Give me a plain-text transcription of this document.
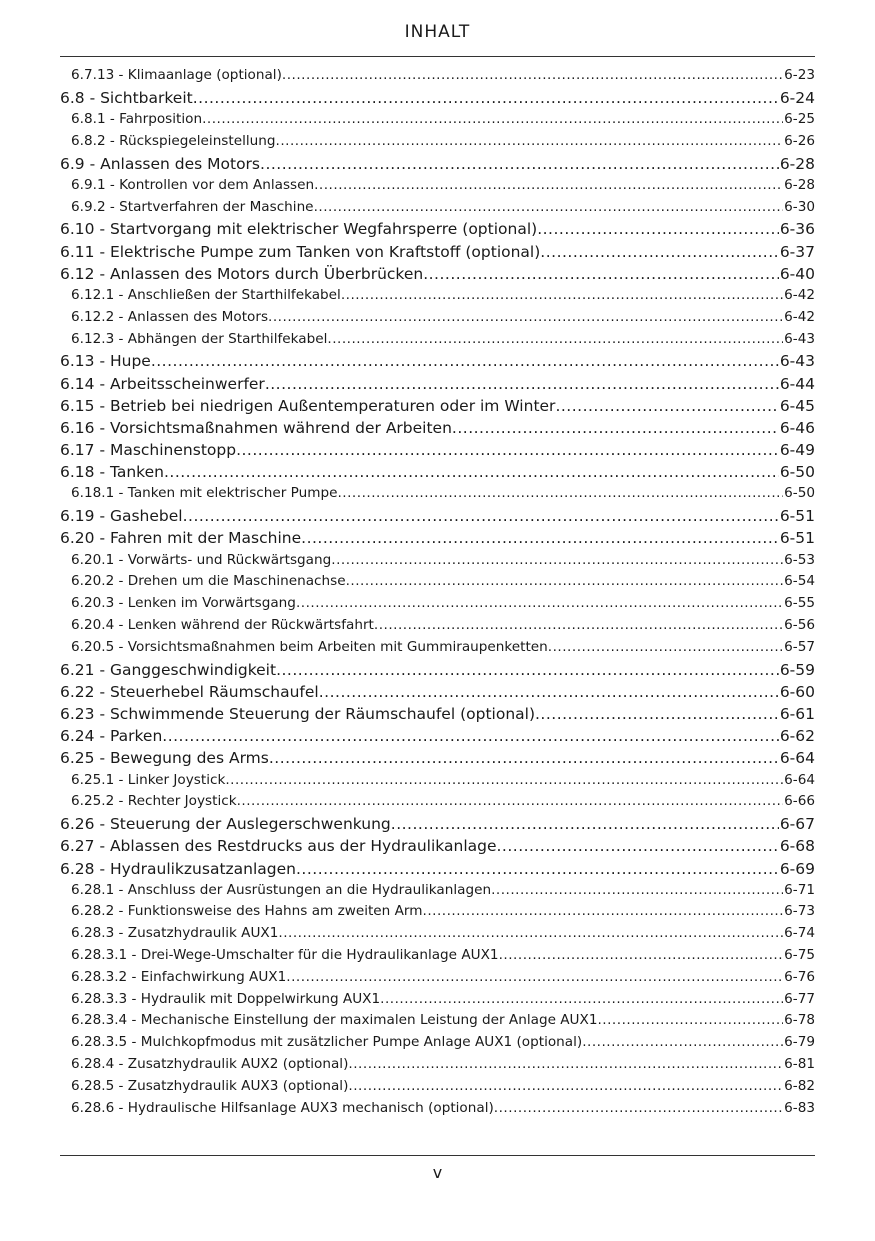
INHALT
6.7.13 - Klimaanlage (optional) .....	6-23
6.8 - Sichtbarkeit .....	6-24
6.8.1 - Fahrposition .....	6-25
6.8.2 - Rückspiegeleinstellung .....	6-26
6.9 - Anlassen des Motors .....	6-28
6.9.1 - Kontrollen vor dem Anlassen .....	6-28
6.9.2 - Startverfahren der Maschine .....	6-30
6.10 - Startvorgang mit elektrischer Wegfahrsperre (optional) .....	6-36
6.11 - Elektrische Pumpe zum Tanken von Kraftstoff (optional) .....	6-37
6.12 - Anlassen des Motors durch Überbrücken .....	6-40
6.12.1 - Anschließen der Starthilfekabel .....	6-42
6.12.2 - Anlassen des Motors .....	6-42
6.12.3 - Abhängen der Starthilfekabel .....	6-43
6.13 - Hupe .....	6-43
6.14 - Arbeitsscheinwerfer .....	6-44
6.15 - Betrieb bei niedrigen Außentemperaturen oder im Winter .....	6-45
6.16 - Vorsichtsmaßnahmen während der Arbeiten .....	6-46
6.17 - Maschinenstopp .....	6-49
6.18 - Tanken .....	6-50
6.18.1 - Tanken mit elektrischer Pumpe .....	6-50
6.19 - Gashebel .....	6-51
6.20 - Fahren mit der Maschine .....	6-51
6.20.1 - Vorwärts- und Rückwärtsgang .....	6-53
6.20.2 - Drehen um die Maschinenachse .....	6-54
6.20.3 - Lenken im Vorwärtsgang .....	6-55
6.20.4 - Lenken während der Rückwärtsfahrt .....	6-56
6.20.5 - Vorsichtsmaßnahmen beim Arbeiten mit Gummiraupenketten .....	6-57
6.21 - Ganggeschwindigkeit .....	6-59
6.22 - Steuerhebel Räumschaufel .....	6-60
6.23 - Schwimmende Steuerung der Räumschaufel (optional) .....	6-61
6.24 - Parken .....	6-62
6.25 - Bewegung des Arms .....	6-64
6.25.1 - Linker Joystick .....	6-64
6.25.2 - Rechter Joystick .....	6-66
6.26 - Steuerung der Auslegerschwenkung .....	6-67
6.27 - Ablassen des Restdrucks aus der Hydraulikanlage .....	6-68
6.28 - Hydraulikzusatzanlagen .....	6-69
6.28.1 - Anschluss der Ausrüstungen an die Hydraulikanlagen .....	6-71
6.28.2 - Funktionsweise des Hahns am zweiten Arm .....	6-73
6.28.3 - Zusatzhydraulik AUX1 .....	6-74
6.28.3.1 - Drei-Wege-Umschalter für die Hydraulikanlage AUX1 .....	6-75
6.28.3.2 - Einfachwirkung AUX1 .....	6-76
6.28.3.3 - Hydraulik mit Doppelwirkung AUX1 .....	6-77
6.28.3.4 - Mechanische Einstellung der maximalen Leistung der Anlage AUX1 .....	6-78
6.28.3.5 - Mulchkopfmodus mit zusätzlicher Pumpe Anlage AUX1 (optional) .....	6-79
6.28.4 - Zusatzhydraulik AUX2 (optional) .....	6-81
6.28.5 - Zusatzhydraulik AUX3 (optional) .....	6-82
6.28.6 - Hydraulische Hilfsanlage AUX3 mechanisch (optional) .....	6-83
v
